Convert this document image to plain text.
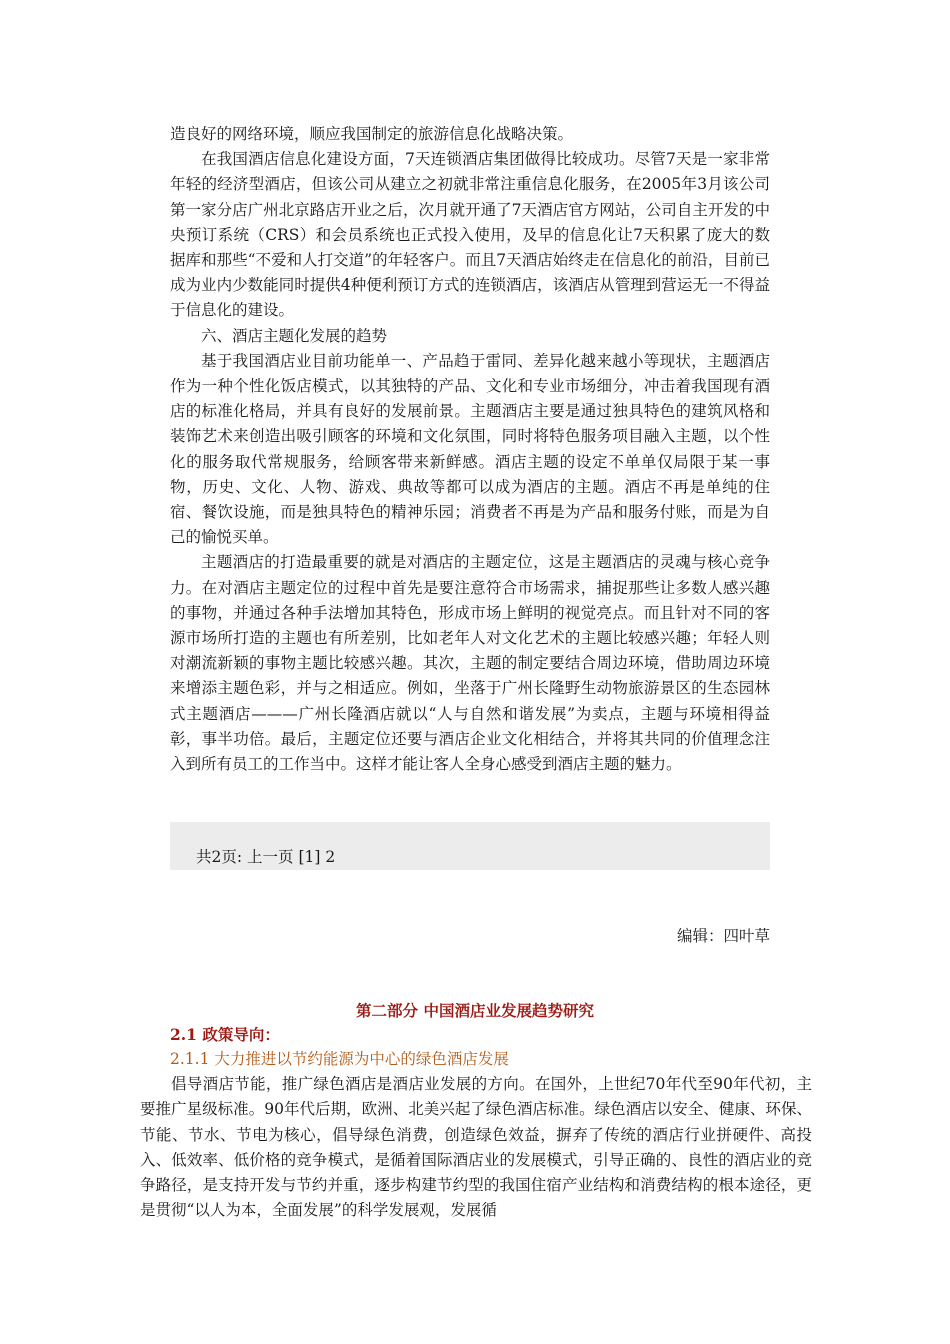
造良好的网络环境，顺应我国制定的旅游信息化战略决策。

在我国酒店信息化建设方面，7天连锁酒店集团做得比较成功。尽管7天是一家非常年轻的经济型酒店，但该公司从建立之初就非常注重信息化服务，在2005年3月该公司第一家分店广州北京路店开业之后，次月就开通了7天酒店官方网站，公司自主开发的中央预订系统（CRS）和会员系统也正式投入使用，及早的信息化让7天积累了庞大的数据库和那些“不爱和人打交道”的年轻客户。而且7天酒店始终走在信息化的前沿，目前已成为业内少数能同时提供4种便利预订方式的连锁酒店，该酒店从管理到营运无一不得益于信息化的建设。

六、酒店主题化发展的趋势

基于我国酒店业目前功能单一、产品趋于雷同、差异化越来越小等现状，主题酒店作为一种个性化饭店模式，以其独特的产品、文化和专业市场细分，冲击着我国现有酒店的标准化格局，并具有良好的发展前景。主题酒店主要是通过独具特色的建筑风格和装饰艺术来创造出吸引顾客的环境和文化氛围，同时将特色服务项目融入主题，以个性化的服务取代常规服务，给顾客带来新鲜感。酒店主题的设定不单单仅局限于某一事物，历史、文化、人物、游戏、典故等都可以成为酒店的主题。酒店不再是单纯的住宿、餐饮设施，而是独具特色的精神乐园；消费者不再是为产品和服务付账，而是为自己的愉悦买单。

主题酒店的打造最重要的就是对酒店的主题定位，这是主题酒店的灵魂与核心竞争力。在对酒店主题定位的过程中首先是要注意符合市场需求，捕捉那些让多数人感兴趣的事物，并通过各种手法增加其特色，形成市场上鲜明的视觉亮点。而且针对不同的客源市场所打造的主题也有所差别，比如老年人对文化艺术的主题比较感兴趣；年轻人则对潮流新颖的事物主题比较感兴趣。其次，主题的制定要结合周边环境，借助周边环境来增添主题色彩，并与之相适应。例如，坐落于广州长隆野生动物旅游景区的生态园林式主题酒店———广州长隆酒店就以“人与自然和谐发展”为卖点，主题与环境相得益彰，事半功倍。最后，主题定位还要与酒店企业文化相结合，并将其共同的价值理念注入到所有员工的工作当中。这样才能让客人全身心感受到酒店主题的魅力。

共2页: 上一页 [1] 2
编辑：四叶草
第二部分 中国酒店业发展趋势研究
2.1 政策导向：
2.1.1 大力推进以节约能源为中心的绿色酒店发展

倡导酒店节能，推广绿色酒店是酒店业发展的方向。在国外，上世纪70年代至90年代初，主要推广星级标准。90年代后期，欧洲、北美兴起了绿色酒店标准。绿色酒店以安全、健康、环保、节能、节水、节电为核心，倡导绿色消费，创造绿色效益，摒弃了传统的酒店行业拼硬件、高投入、低效率、低价格的竞争模式，是循着国际酒店业的发展模式，引导正确的、良性的酒店业的竞争路径，是支持开发与节约并重，逐步构建节约型的我国住宿产业结构和消费结构的根本途径，更是贯彻“以人为本，全面发展”的科学发展观，发展循
